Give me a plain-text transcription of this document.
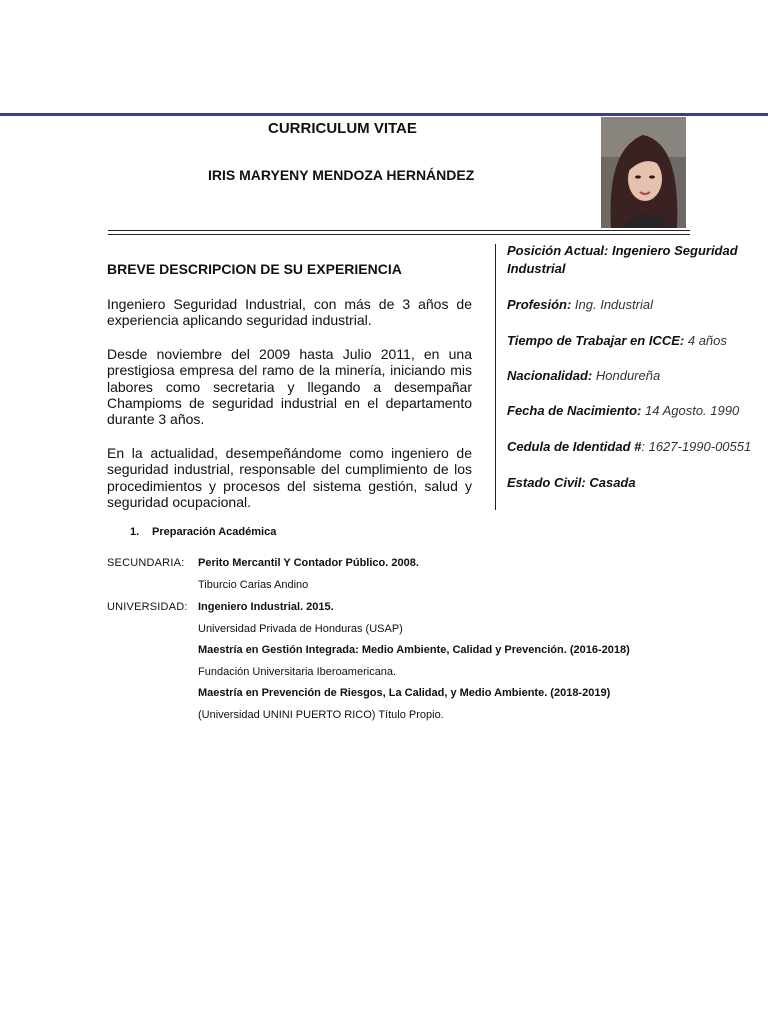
CURRICULUM VITAE
IRIS MARYENY MENDOZA HERNÁNDEZ

BREVE DESCRIPCION DE SU EXPERIENCIA

Ingeniero Seguridad Industrial, con más de 3 años de experiencia aplicando seguridad industrial.

Desde noviembre del 2009 hasta Julio 2011, en una prestigiosa empresa del ramo de la minería, iniciando mis labores como secretaria y llegando a desempañar Champioms de seguridad industrial en el departamento durante 3 años.

En la actualidad, desempeñándome como ingeniero de seguridad industrial, responsable del cumplimiento de los procedimientos y procesos del sistema gestión, salud y seguridad ocupacional.

Posición Actual: Ingeniero Seguridad Industrial
Profesión: Ing. Industrial
Tiempo de Trabajar en ICCE: 4 años
Nacionalidad: Hondureña
Fecha de Nacimiento: 14 Agosto. 1990
Cedula de Identidad #: 1627-1990-00551
Estado Civil: Casada
1. Preparación Académica
SECUNDARIA: Perito Mercantil Y Contador Público. 2008.
Tiburcio Carias Andino
UNIVERSIDAD: Ingeniero Industrial. 2015.
Universidad Privada de Honduras (USAP)
Maestría en Gestión Integrada: Medio Ambiente, Calidad y Prevención. (2016-2018)
Fundación Universitaria Iberoamericana.
Maestría en Prevención de Riesgos, La Calidad, y Medio Ambiente. (2018-2019)
(Universidad UNINI PUERTO RICO) Título Propio.
